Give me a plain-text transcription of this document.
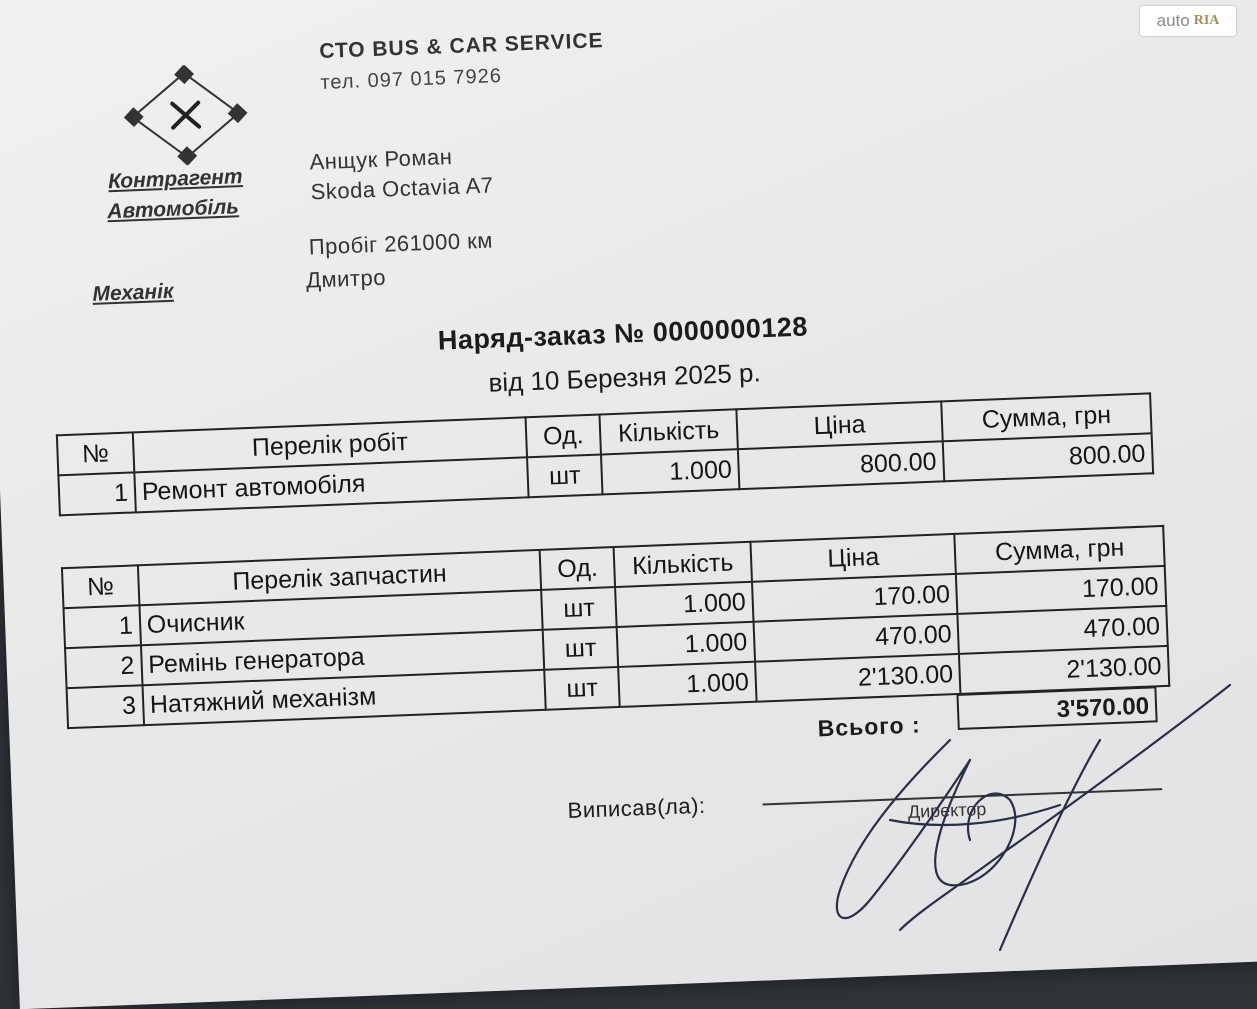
СТО BUS & CAR SERVICE
тел. 097 015 7926
Контрагент
Автомобіль
Анщук Роман
Skoda Octavia A7
Пробіг 261000 км
Механік
Дмитро
Наряд-заказ № 0000000128
від 10 Березня 2025 р.
№	Перелік робіт	Од.	Кількість	Ціна	Сумма, грн
1	Ремонт автомобіля	шт	1.000	800.00	800.00
№	Перелік запчастин	Од.	Кількість	Ціна	Сумма, грн
1	Очисник	шт	1.000	170.00	170.00
2	Ремінь генератора	шт	1.000	470.00	470.00
3	Натяжний механізм	шт	1.000	2'130.00	2'130.00
Всього :
3'570.00
Виписав(ла):	Директор
auto RIA
